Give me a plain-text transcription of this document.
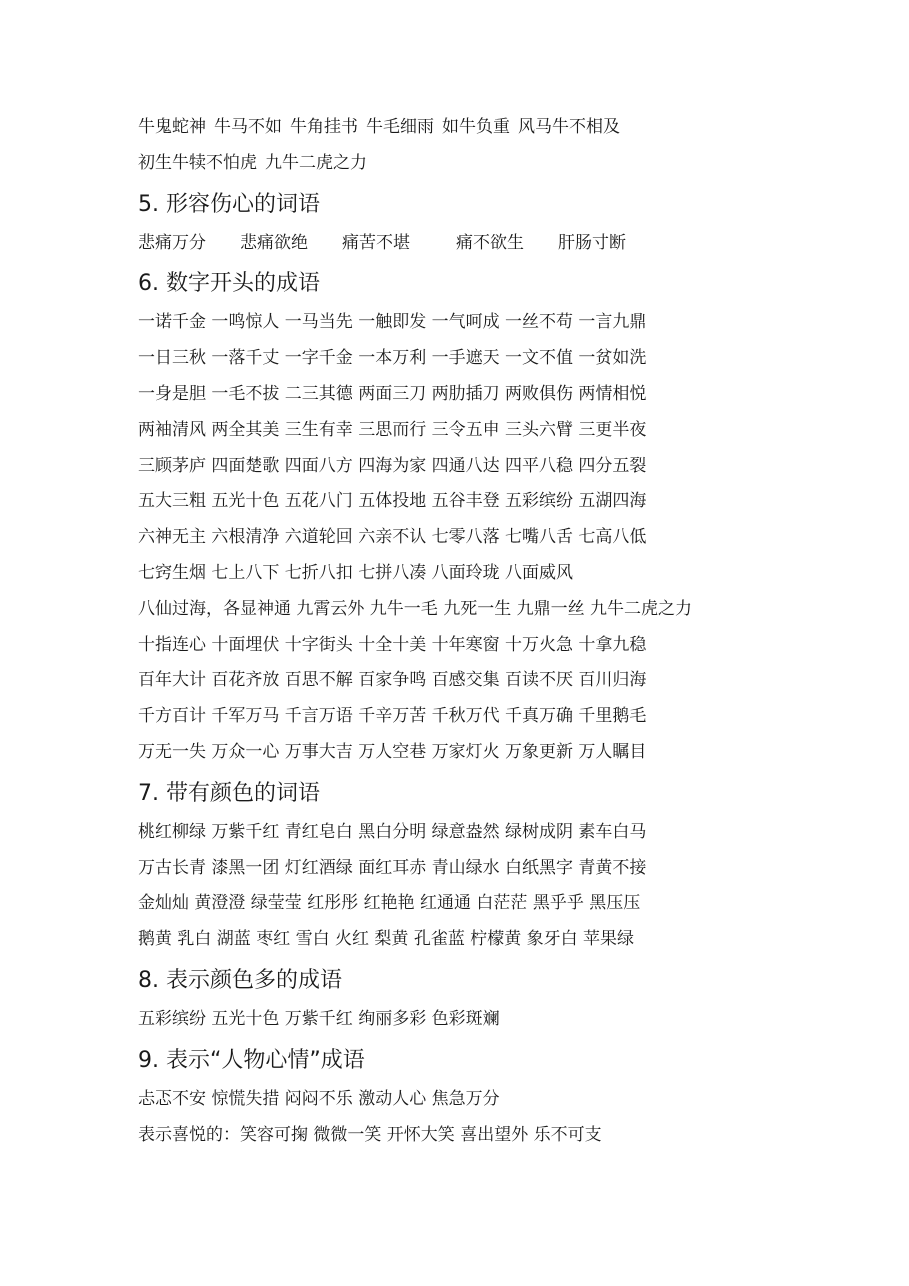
牛鬼蛇神 牛马不如 牛角挂书 牛毛细雨 如牛负重 风马牛不相及
初生牛犊不怕虎 九牛二虎之力
5. 形容伤心的词语
悲痛万分 悲痛欲绝 痛苦不堪	痛不欲生 肝肠寸断
6. 数字开头的成语
一诺千金 一鸣惊人 一马当先 一触即发 一气呵成 一丝不苟 一言九鼎
一日三秋 一落千丈 一字千金 一本万利 一手遮天 一文不值 一贫如洗
一身是胆 一毛不拔 二三其德 两面三刀 两肋插刀 两败俱伤 两情相悦
两袖清风 两全其美 三生有幸 三思而行 三令五申 三头六臂 三更半夜
三顾茅庐 四面楚歌 四面八方 四海为家 四通八达 四平八稳 四分五裂
五大三粗 五光十色 五花八门 五体投地 五谷丰登 五彩缤纷 五湖四海
六神无主 六根清净 六道轮回 六亲不认 七零八落 七嘴八舌 七高八低
七窍生烟 七上八下 七折八扣 七拼八凑 八面玲珑 八面威风
八仙过海，各显神通 九霄云外 九牛一毛 九死一生 九鼎一丝 九牛二虎之力
十指连心 十面埋伏 十字街头 十全十美 十年寒窗 十万火急 十拿九稳
百年大计 百花齐放 百思不解 百家争鸣 百感交集 百读不厌 百川归海
千方百计 千军万马 千言万语 千辛万苦 千秋万代 千真万确 千里鹅毛
万无一失 万众一心 万事大吉 万人空巷 万家灯火 万象更新 万人瞩目
7. 带有颜色的词语
桃红柳绿 万紫千红 青红皂白 黑白分明 绿意盎然 绿树成阴 素车白马
万古长青 漆黑一团 灯红酒绿 面红耳赤 青山绿水 白纸黑字 青黄不接
金灿灿 黄澄澄 绿莹莹 红彤彤 红艳艳 红通通 白茫茫 黑乎乎 黑压压
鹅黄 乳白 湖蓝 枣红 雪白 火红 梨黄 孔雀蓝 柠檬黄 象牙白 苹果绿
8. 表示颜色多的成语
五彩缤纷 五光十色 万紫千红 绚丽多彩 色彩斑斓
9. 表示“人物心情”成语
忐忑不安 惊慌失措 闷闷不乐 激动人心 焦急万分
表示喜悦的：笑容可掬 微微一笑 开怀大笑 喜出望外 乐不可支
